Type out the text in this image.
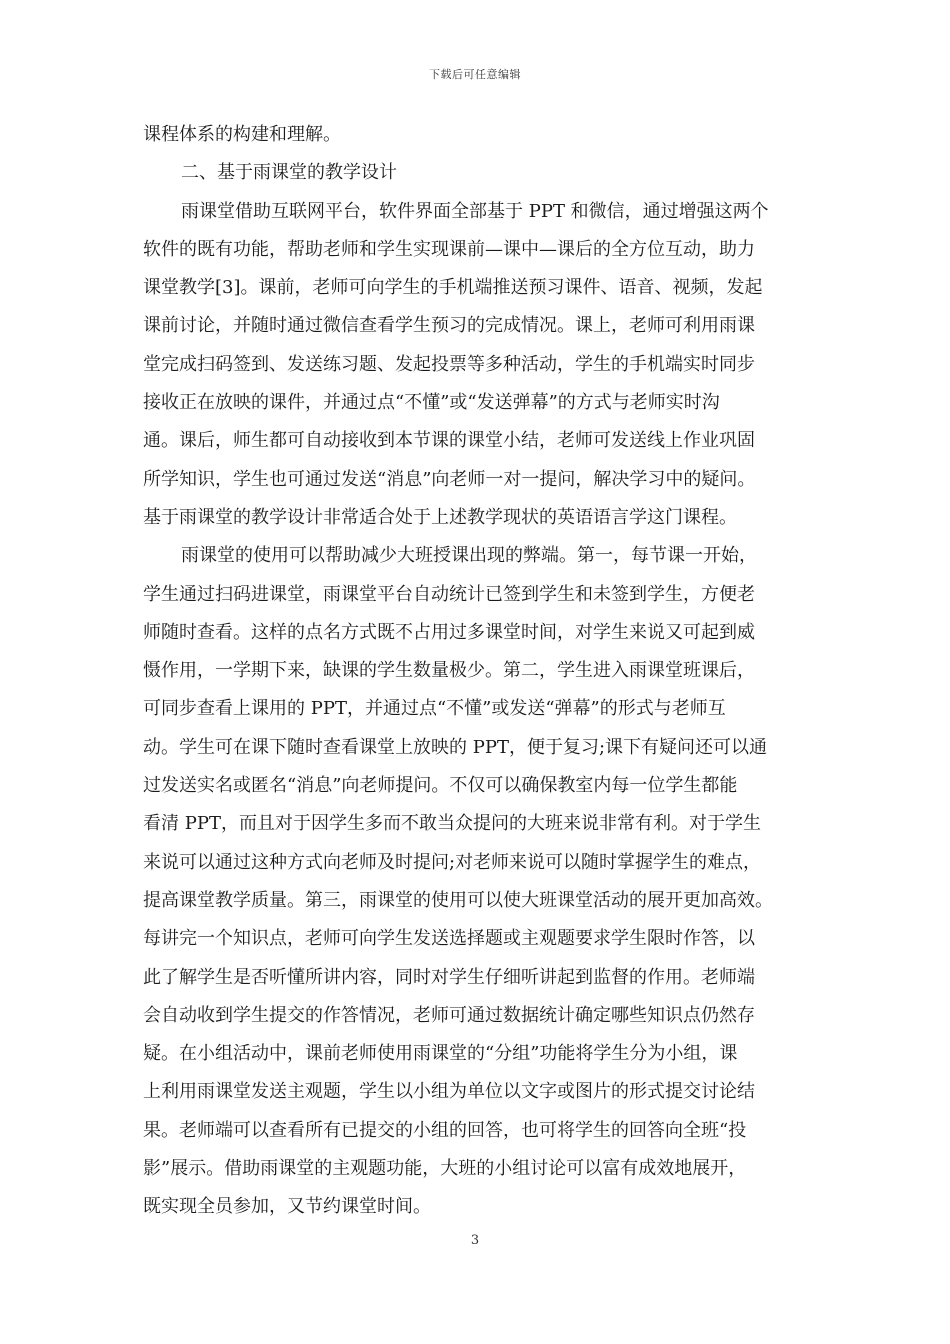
下载后可任意编辑
课程体系的构建和理解。
二、基于雨课堂的教学设计
雨课堂借助互联网平台，软件界面全部基于 PPT 和微信，通过增强这两个
软件的既有功能，帮助老师和学生实现课前—课中—课后的全方位互动，助力
课堂教学[3]。课前，老师可向学生的手机端推送预习课件、语音、视频，发起
课前讨论，并随时通过微信查看学生预习的完成情况。课上，老师可利用雨课
堂完成扫码签到、发送练习题、发起投票等多种活动，学生的手机端实时同步
接收正在放映的课件，并通过点“不懂”或“发送弹幕”的方式与老师实时沟
通。课后，师生都可自动接收到本节课的课堂小结，老师可发送线上作业巩固
所学知识，学生也可通过发送“消息”向老师一对一提问，解决学习中的疑问。
基于雨课堂的教学设计非常适合处于上述教学现状的英语语言学这门课程。
雨课堂的使用可以帮助减少大班授课出现的弊端。第一，每节课一开始，
学生通过扫码进课堂，雨课堂平台自动统计已签到学生和未签到学生，方便老
师随时查看。这样的点名方式既不占用过多课堂时间，对学生来说又可起到威
慑作用，一学期下来，缺课的学生数量极少。第二，学生进入雨课堂班课后，
可同步查看上课用的 PPT，并通过点“不懂”或发送“弹幕”的形式与老师互
动。学生可在课下随时查看课堂上放映的 PPT，便于复习;课下有疑问还可以通
过发送实名或匿名“消息”向老师提问。不仅可以确保教室内每一位学生都能
看清 PPT，而且对于因学生多而不敢当众提问的大班来说非常有利。对于学生
来说可以通过这种方式向老师及时提问;对老师来说可以随时掌握学生的难点，
提高课堂教学质量。第三，雨课堂的使用可以使大班课堂活动的展开更加高效。
每讲完一个知识点，老师可向学生发送选择题或主观题要求学生限时作答，以
此了解学生是否听懂所讲内容，同时对学生仔细听讲起到监督的作用。老师端
会自动收到学生提交的作答情况，老师可通过数据统计确定哪些知识点仍然存
疑。在小组活动中，课前老师使用雨课堂的“分组”功能将学生分为小组，课
上利用雨课堂发送主观题，学生以小组为单位以文字或图片的形式提交讨论结
果。老师端可以查看所有已提交的小组的回答，也可将学生的回答向全班“投
影”展示。借助雨课堂的主观题功能，大班的小组讨论可以富有成效地展开，
既实现全员参加，又节约课堂时间。
3
